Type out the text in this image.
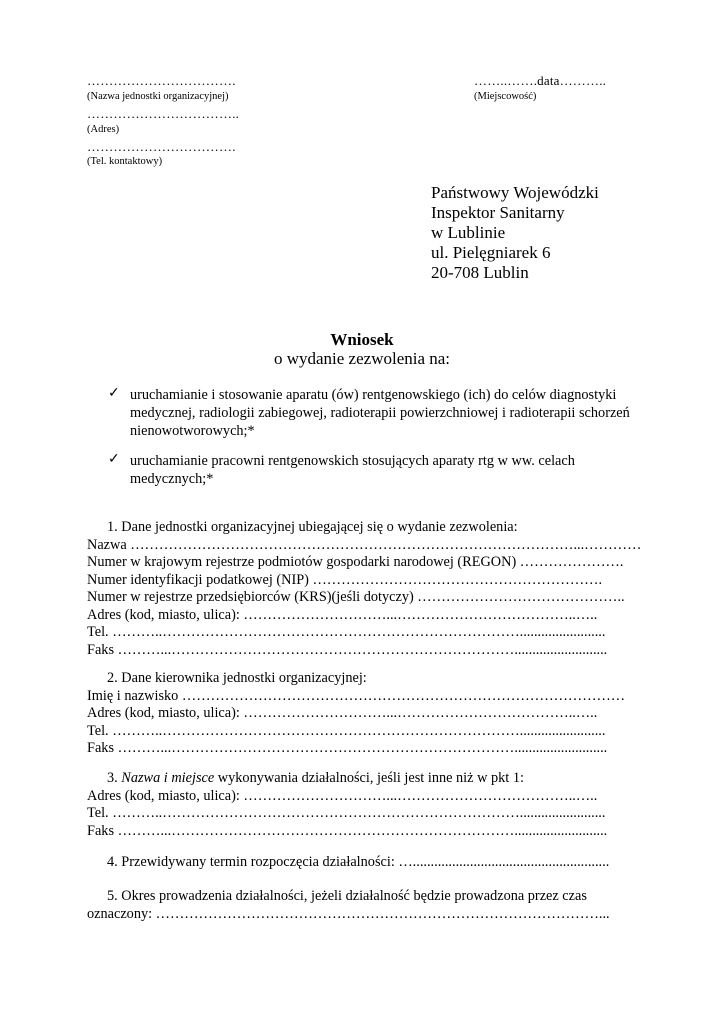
…………………………….
(Nazwa jednostki organizacyjnej)
……………………………..
(Adres)
…………………………….
(Tel. kontaktowy)
……..…….data………..
(Miejscowość)
Państwowy Wojewódzki
Inspektor Sanitarny
w Lublinie
ul. Pielęgniarek 6
20-708 Lublin
Wniosek
o wydanie zezwolenia na:
✓ uruchamianie i stosowanie aparatu (ów) rentgenowskiego (ich) do celów diagnostyki medycznej, radiologii zabiegowej, radioterapii powierzchniowej i radioterapii schorzeń nienowotworowych;*
✓ uruchamianie pracowni rentgenowskich stosujących aparaty rtg w ww. celach medycznych;*
1. Dane jednostki organizacyjnej ubiegającej się o wydanie zezwolenia:
Nazwa …………………………………………………………………………………...…………
Numer w krajowym rejestrze podmiotów gospodarki narodowej (REGON) ………………….
Numer identyfikacji podatkowej (NIP) …………………………………………………….
Numer w rejestrze przedsiębiorców (KRS)(jeśli dotyczy) ……………………………………..
Adres (kod, miasto, ulica): …………………………...………………………………..…..
Tel. ………..…………………………………………………………………........................
Faks ………...………………………………………………………………..........................
2. Dane kierownika jednostki organizacyjnej:
Imię i nazwisko …………………………………………………………………………………
Adres (kod, miasto, ulica): …………………………...………………………………..…..
Tel. ………..…………………………………………………………………........................
Faks ………...………………………………………………………………..........................
3. Nazwa i miejsce wykonywania działalności, jeśli jest inne niż w pkt 1:
Adres (kod, miasto, ulica): …………………………...………………………………..…..
Tel. ………..…………………………………………………………………........................
Faks ………...………………………………………………………………..........................
4. Przewidywany termin rozpoczęcia działalności: ….......................................................
5. Okres prowadzenia działalności, jeżeli działalność będzie prowadzona przez czas
oznaczony: …………………………………………………………………………………...
